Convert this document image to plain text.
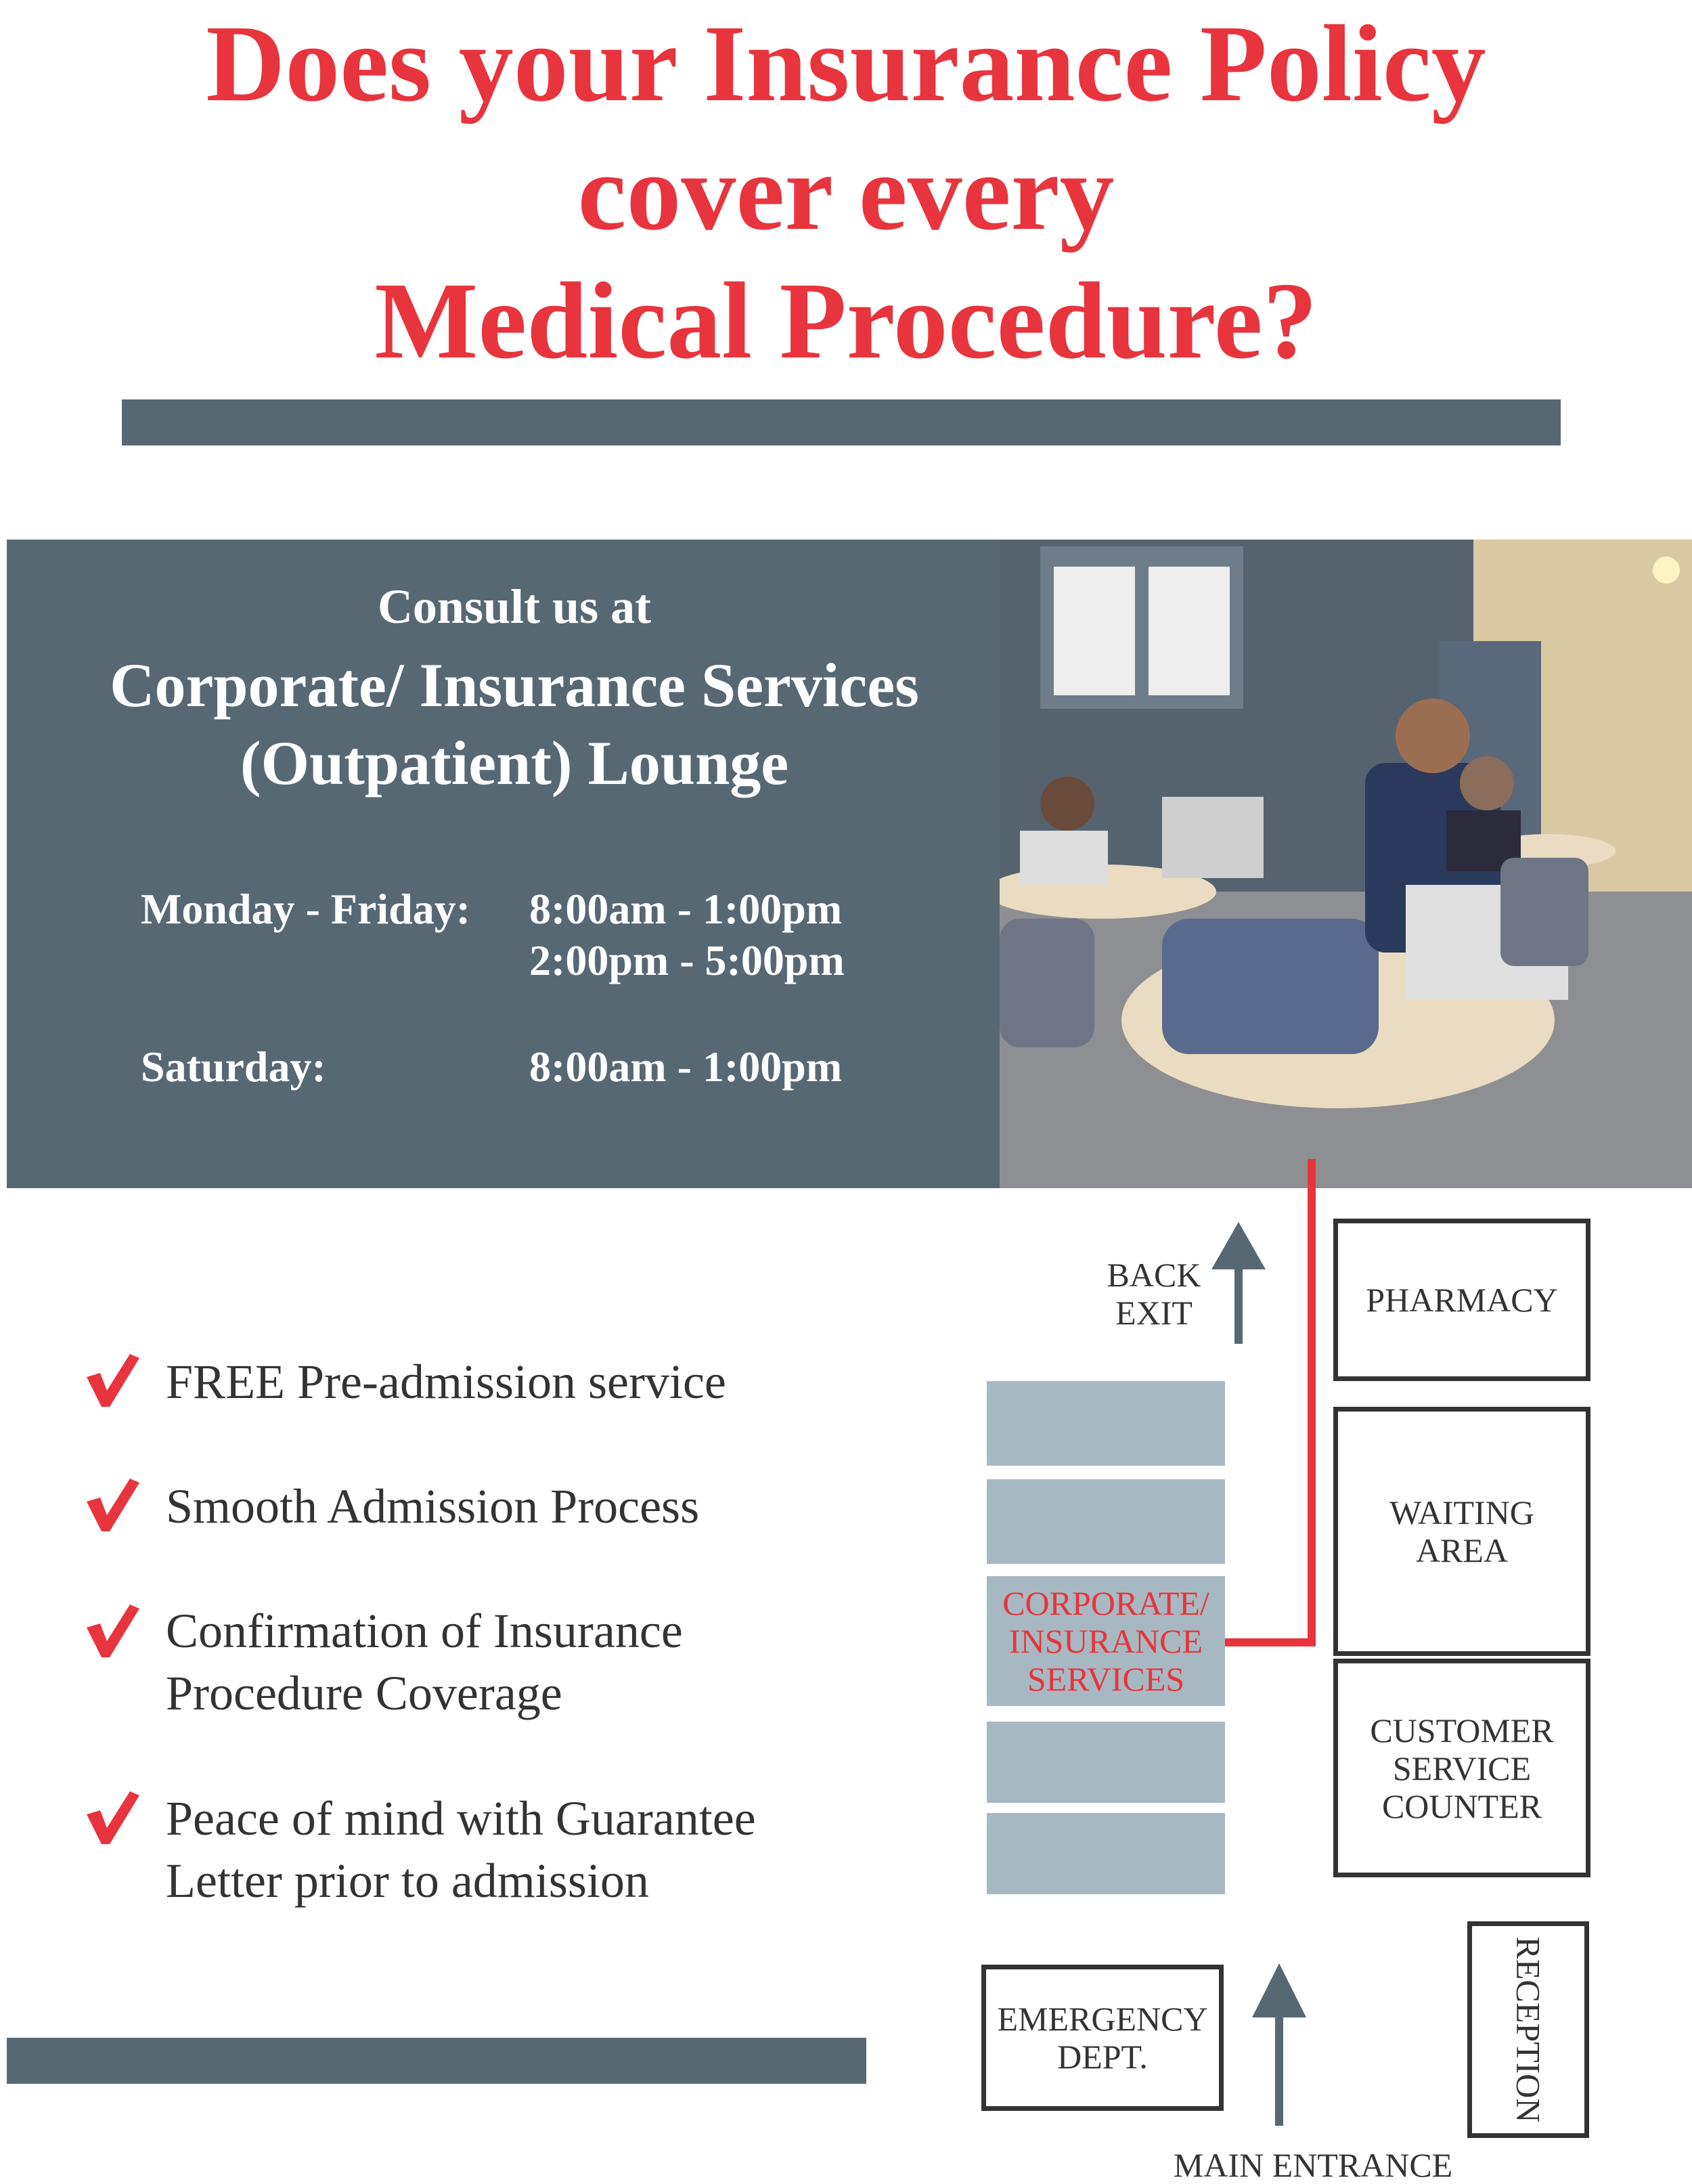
Does your Insurance Policy
cover every
Medical Procedure?
Consult us at
Corporate/ Insurance Services
(Outpatient) Lounge
Monday - Friday: 8:00am - 1:00pm
2:00pm - 5:00pm
Saturday:	8:00am - 1:00pm
FREE Pre-admission service
Smooth Admission Process
Confirmation of Insurance
Procedure Coverage
Peace of mind with Guarantee
Letter prior to admission
BACK
EXIT	PHARMACY
WAITING
AREA
CUSTOMER
SERVICE
COUNTER
CORPORATE/
INSURANCE
SERVICES
EMERGENCY
DEPT.	RECEPTION
MAIN ENTRANCE
